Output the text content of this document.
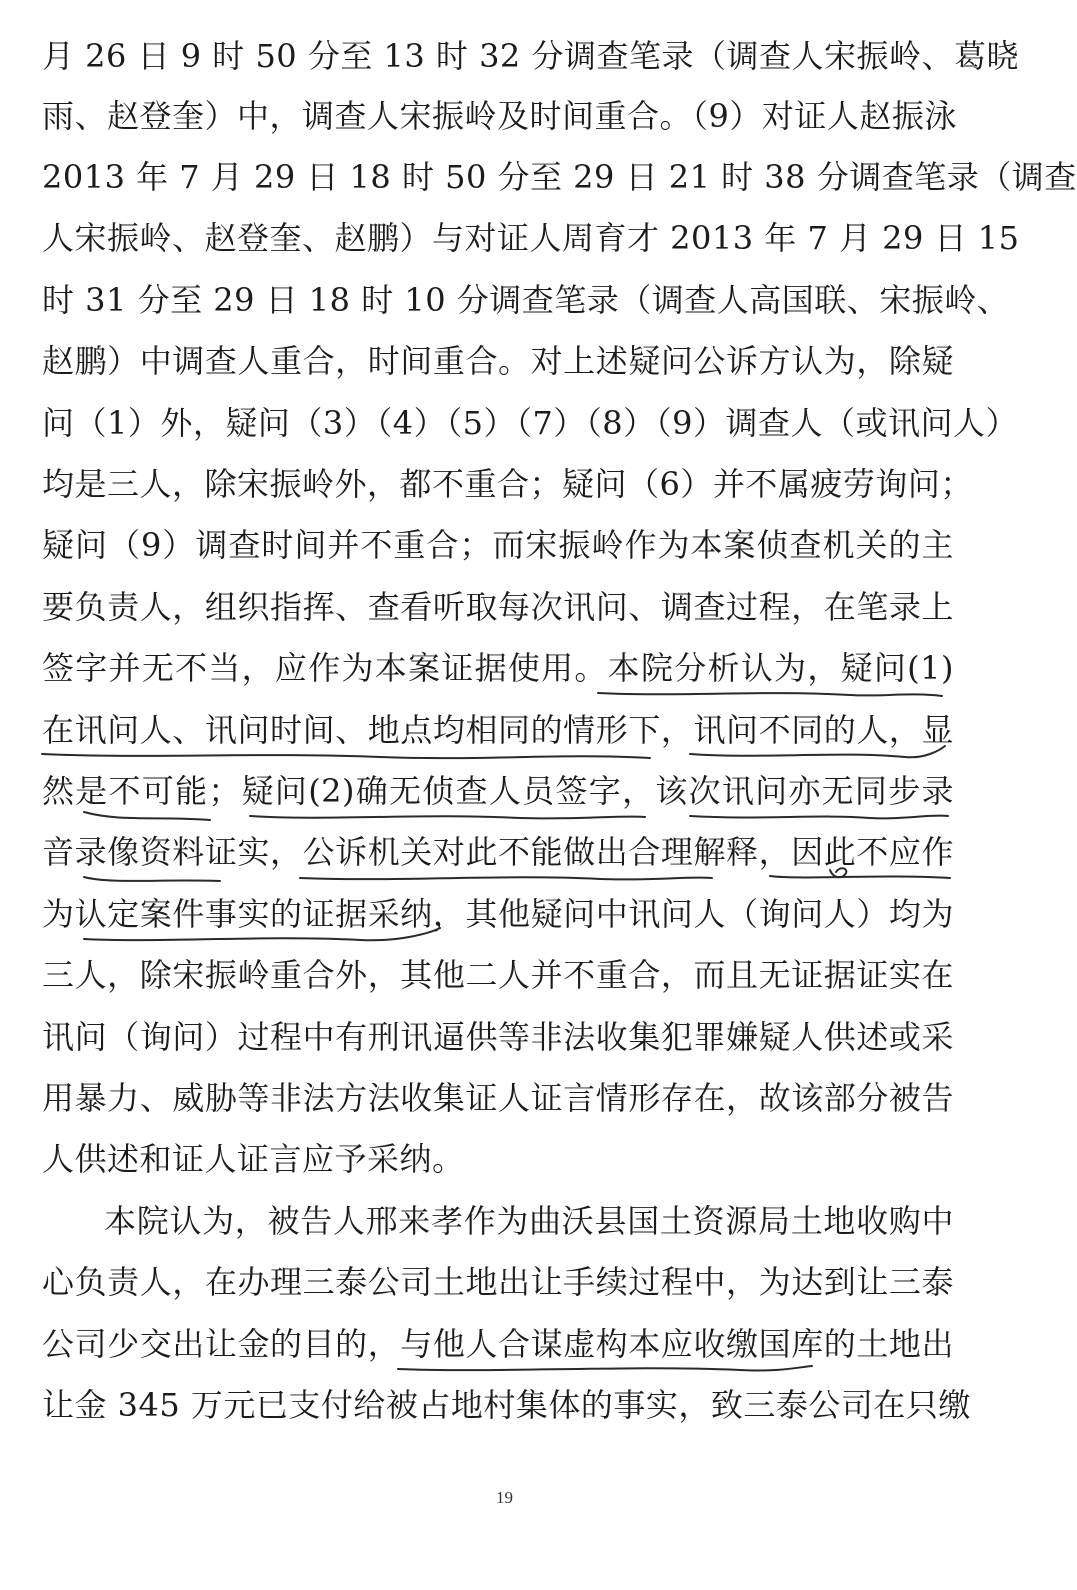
月 26 日 9 时 50 分至 13 时 32 分调查笔录（调查人宋振岭、葛晓
雨、赵登奎）中，调查人宋振岭及时间重合。（9）对证人赵振泳
2013 年 7 月 29 日 18 时 50 分至 29 日 21 时 38 分调查笔录（调查
人宋振岭、赵登奎、赵鹏）与对证人周育才 2013 年 7 月 29 日 15
时 31 分至 29 日 18 时 10 分调查笔录（调查人高国联、宋振岭、
赵鹏）中调查人重合，时间重合。对上述疑问公诉方认为，除疑
问（1）外，疑问（3）（4）（5）（7）（8）（9）调查人（或讯问人）
均是三人，除宋振岭外，都不重合；疑问（6）并不属疲劳询问；
疑问（9）调查时间并不重合；而宋振岭作为本案侦查机关的主
要负责人，组织指挥、查看听取每次讯问、调查过程，在笔录上
签字并无不当，应作为本案证据使用。本院分析认为，疑问(1)
在讯问人、讯问时间、地点均相同的情形下，讯问不同的人，显
然是不可能；疑问(2)确无侦查人员签字，该次讯问亦无同步录
音录像资料证实，公诉机关对此不能做出合理解释，因此不应作
为认定案件事实的证据采纳，其他疑问中讯问人（询问人）均为
三人，除宋振岭重合外，其他二人并不重合，而且无证据证实在
讯问（询问）过程中有刑讯逼供等非法收集犯罪嫌疑人供述或采
用暴力、威胁等非法方法收集证人证言情形存在，故该部分被告
人供述和证人证言应予采纳。
本院认为，被告人邢来孝作为曲沃县国土资源局土地收购中
心负责人，在办理三泰公司土地出让手续过程中，为达到让三泰
公司少交出让金的目的，与他人合谋虚构本应收缴国库的土地出
让金 345 万元已支付给被占地村集体的事实，致三泰公司在只缴
19
